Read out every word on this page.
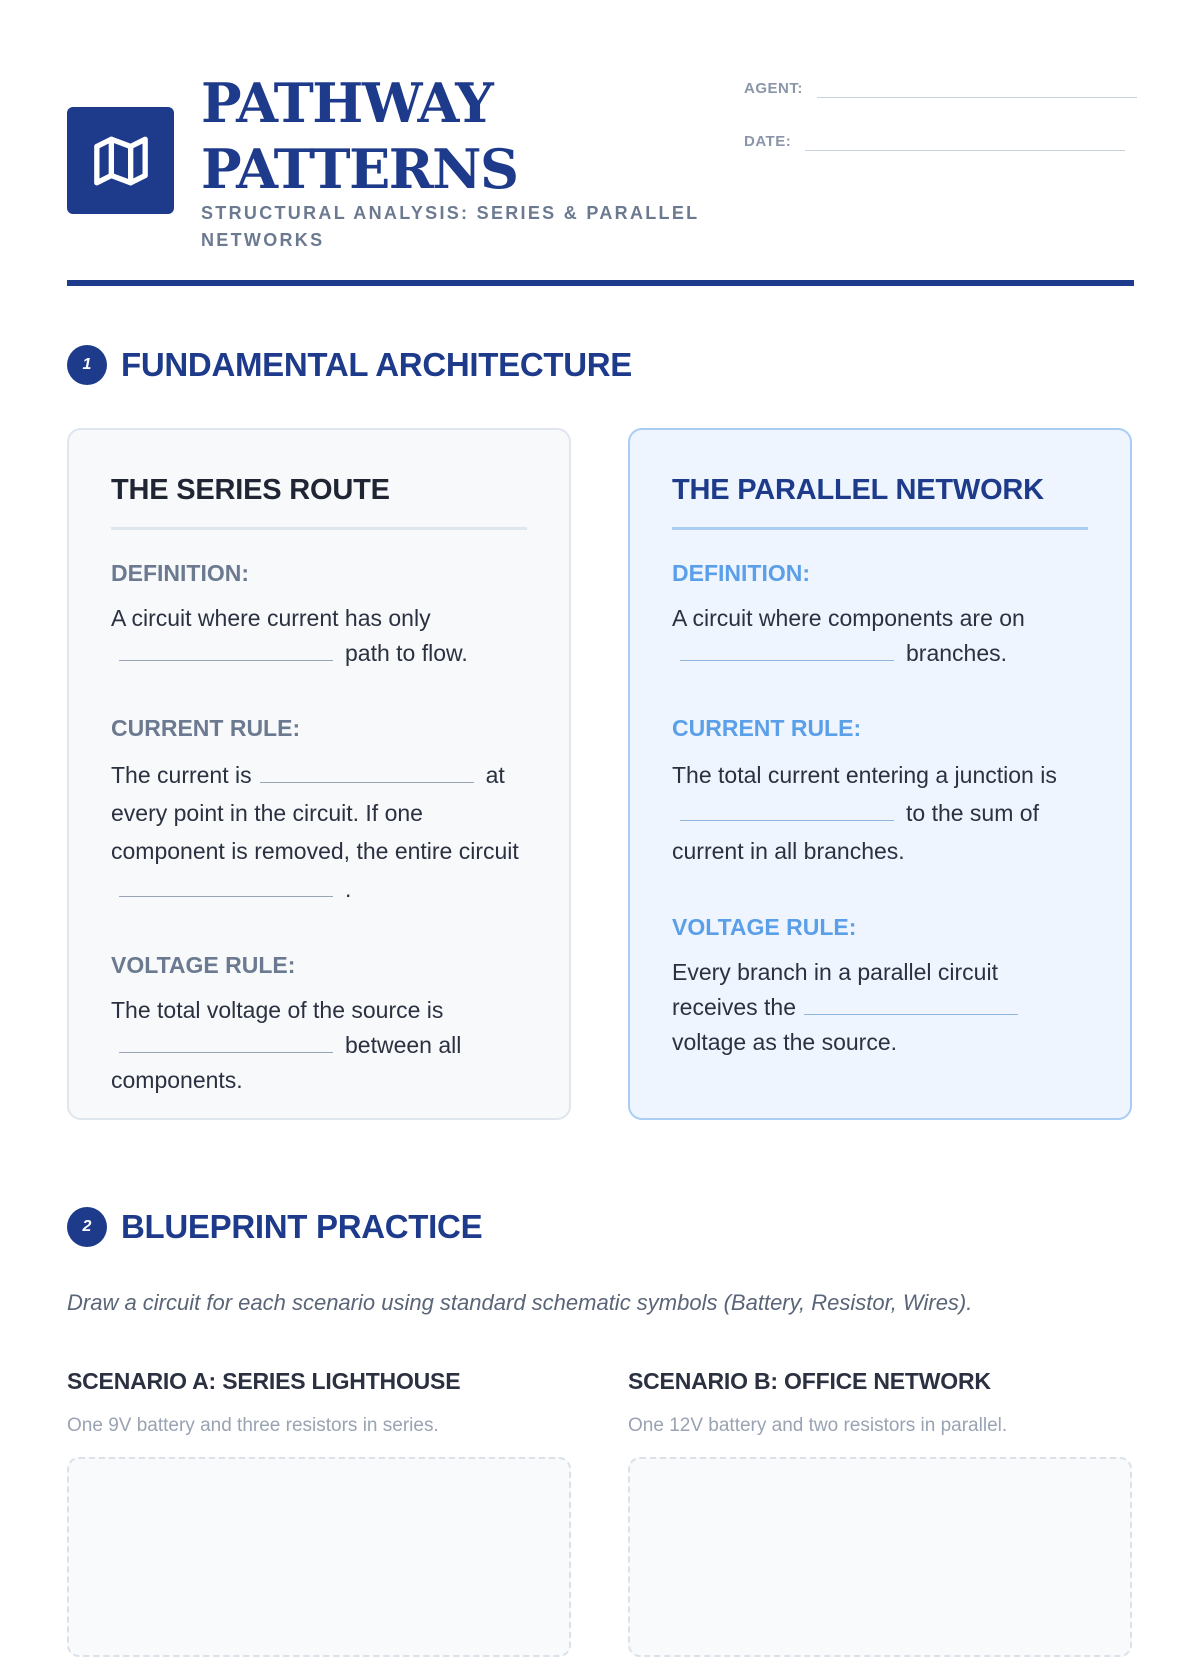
PATHWAY PATTERNS
STRUCTURAL ANALYSIS: SERIES & PARALLEL NETWORKS
AGENT:
DATE:
1 FUNDAMENTAL ARCHITECTURE
THE SERIES ROUTE
DEFINITION:
A circuit where current has only
path to flow.
CURRENT RULE:
The current is	at every point in the circuit. If one component is removed, the entire circuit
.
VOLTAGE RULE:
The total voltage of the source is
between all components.
THE PARALLEL NETWORK
DEFINITION:
A circuit where components are on
branches.
CURRENT RULE:
The total current entering a junction is
to the sum of current in all branches.
VOLTAGE RULE:
Every branch in a parallel circuit receives thevoltage as the source.
2 BLUEPRINT PRACTICE
Draw a circuit for each scenario using standard schematic symbols (Battery, Resistor, Wires).
SCENARIO A: SERIES LIGHTHOUSE
One 9V battery and three resistors in series.
SCENARIO B: OFFICE NETWORK
One 12V battery and two resistors in parallel.
